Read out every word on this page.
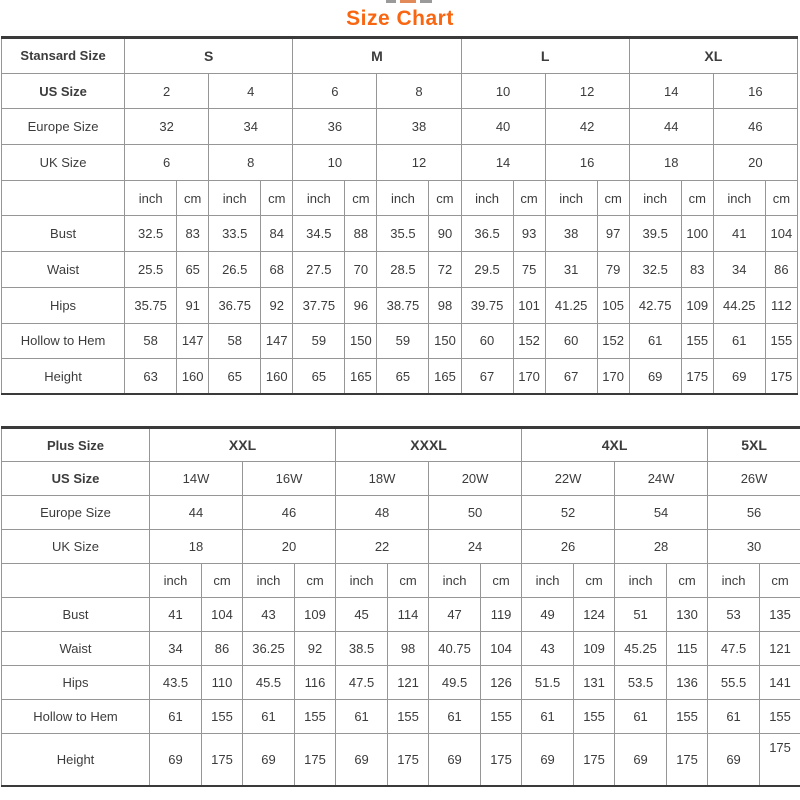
Size Chart
Stansard Size	S				M				L				XL			
US Size	2		4		6		8		10		12		14		16	
Europe Size	32		34		36		38		40		42		44		46	
UK Size	6		8		10		12		14		16		18		20	
	inch	cm	inch	cm	inch	cm	inch	cm	inch	cm	inch	cm	inch	cm	inch	cm
Bust	32.5	83	33.5	84	34.5	88	35.5	90	36.5	93	38	97	39.5	100	41	104
Waist	25.5	65	26.5	68	27.5	70	28.5	72	29.5	75	31	79	32.5	83	34	86
Hips	35.75	91	36.75	92	37.75	96	38.75	98	39.75	101	41.25	105	42.75	109	44.25	112
Hollow to Hem	58	147	58	147	59	150	59	150	60	152	60	152	61	155	61	155
Height	63	160	65	160	65	165	65	165	67	170	67	170	69	175	69	175
Plus Size	XXL				XXXL				4XL				5XL	
US Size	14W		16W		18W		20W		22W		24W		26W	
Europe Size	44		46		48		50		52		54		56	
UK Size	18		20		22		24		26		28		30	
	inch	cm	inch	cm	inch	cm	inch	cm	inch	cm	inch	cm	inch	cm
Bust	41	104	43	109	45	114	47	119	49	124	51	130	53	135
Waist	34	86	36.25	92	38.5	98	40.75	104	43	109	45.25	115	47.5	121
Hips	43.5	110	45.5	116	47.5	121	49.5	126	51.5	131	53.5	136	55.5	141
Hollow to Hem	61	155	61	155	61	155	61	155	61	155	61	155	61	155
Height	69	175	69	175	69	175	69	175	69	175	69	175	69	175
